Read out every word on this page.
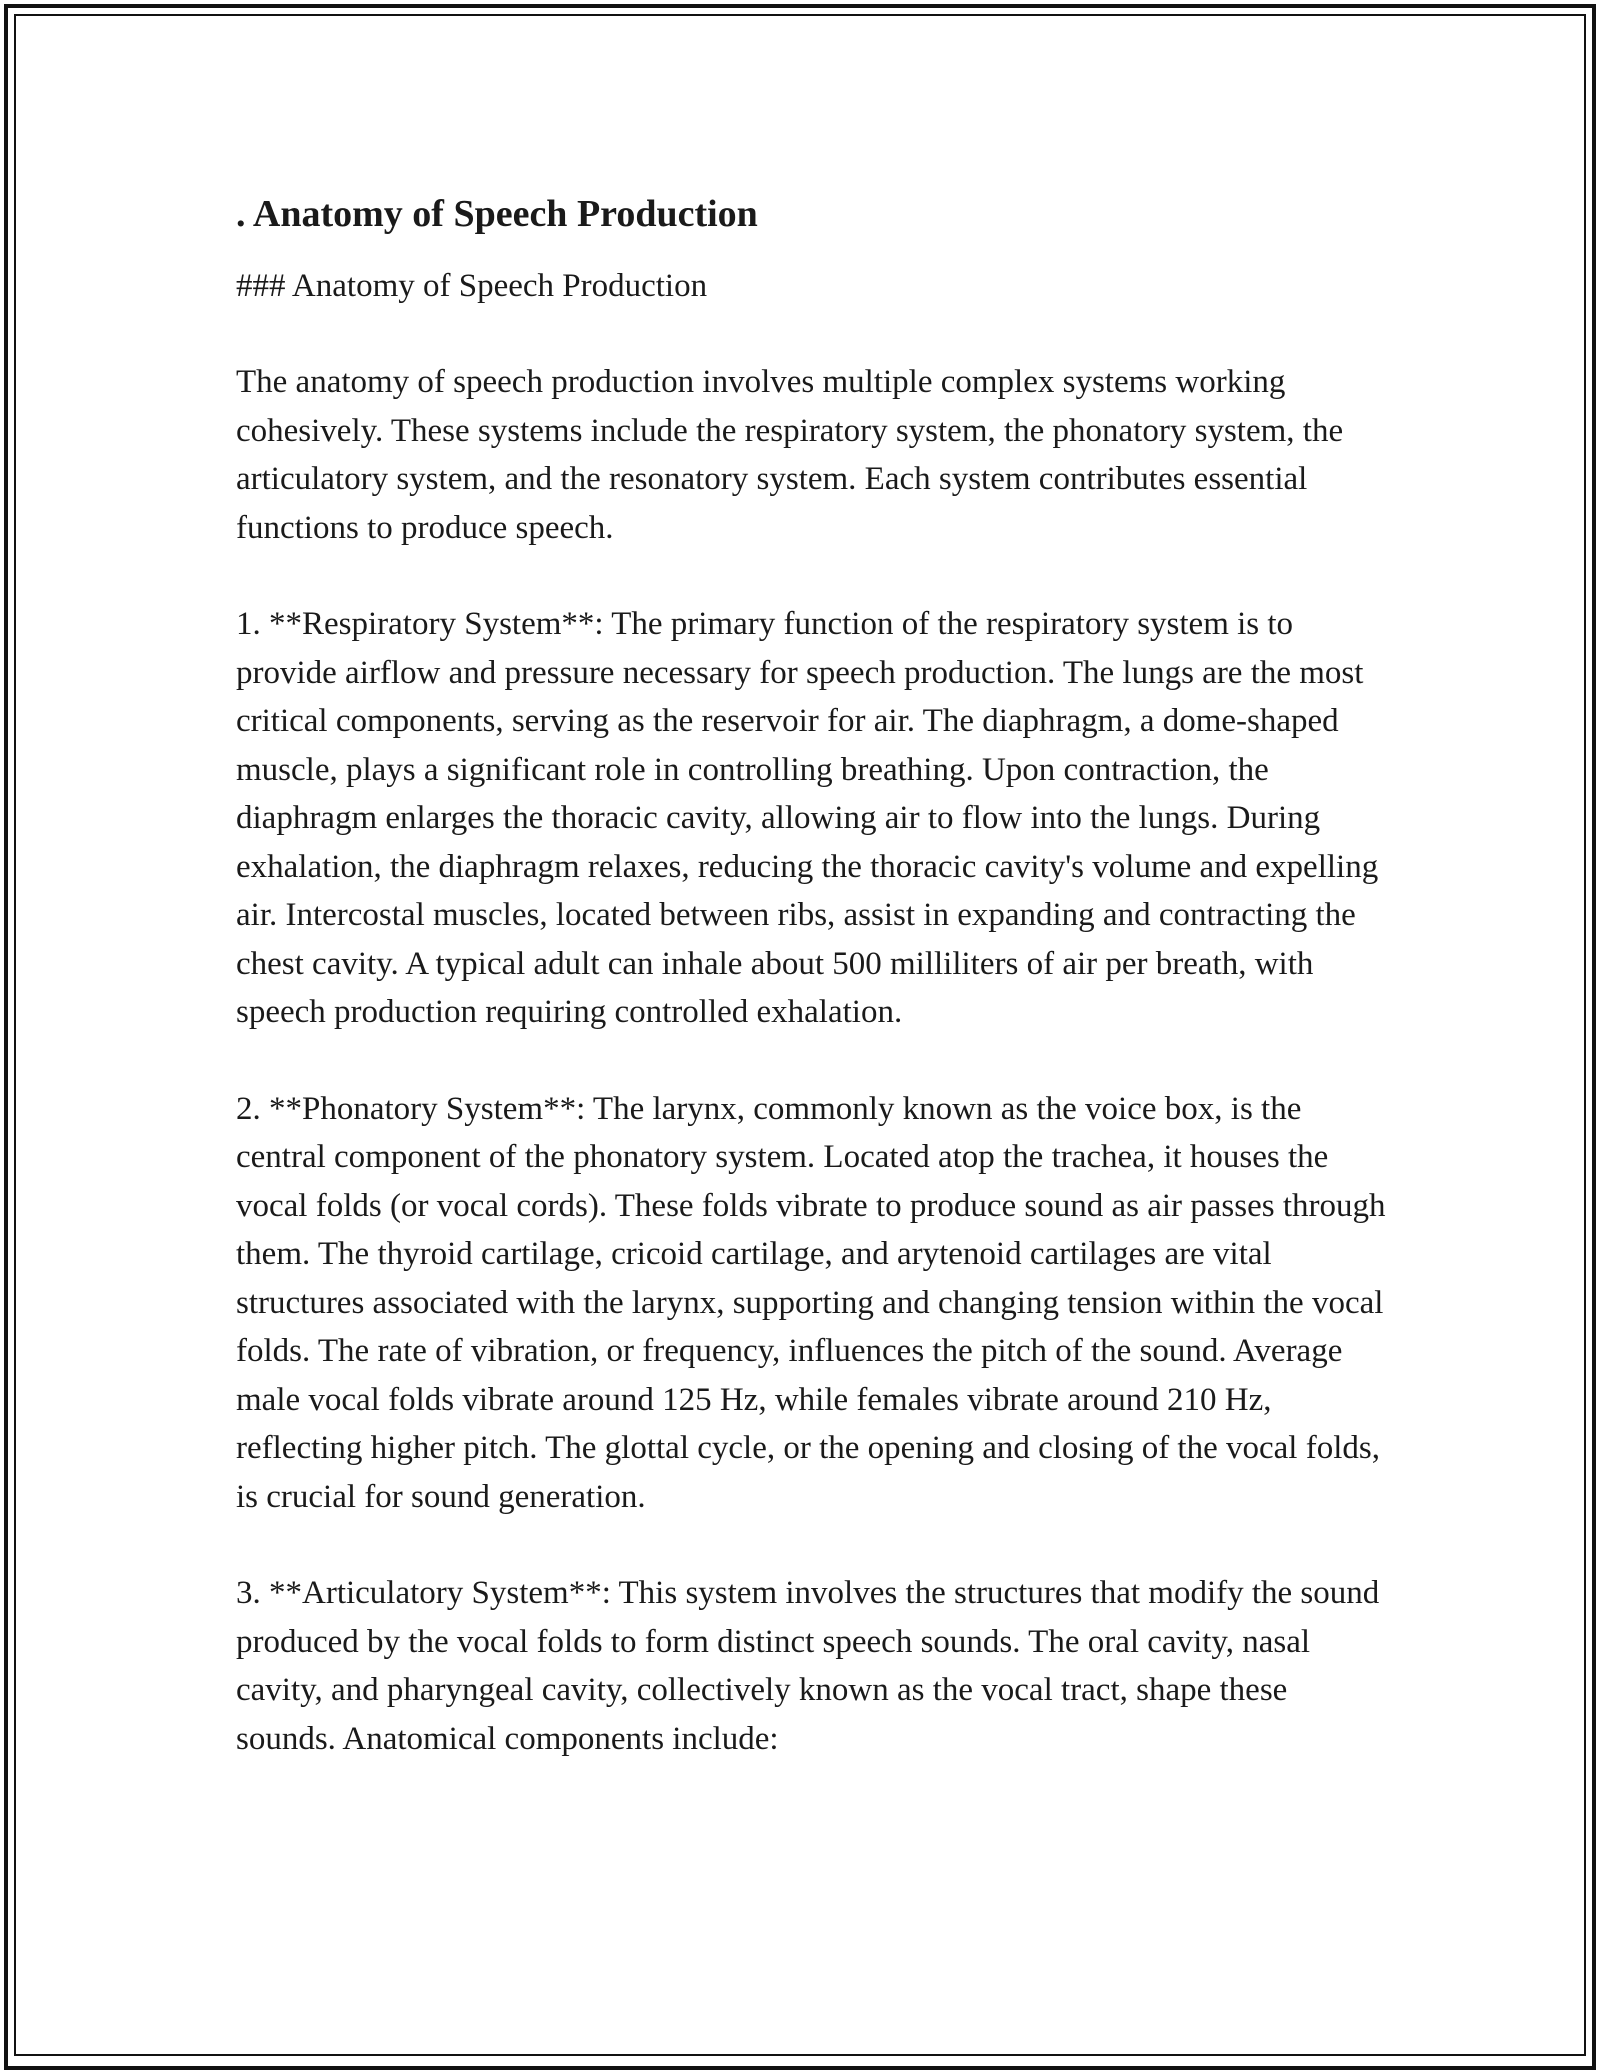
. Anatomy of Speech Production
### Anatomy of Speech Production

The anatomy of speech production involves multiple complex systems working cohesively. These systems include the respiratory system, the phonatory system, the articulatory system, and the resonatory system. Each system contributes essential functions to produce speech.

1. **Respiratory System**: The primary function of the respiratory system is to provide airflow and pressure necessary for speech production. The lungs are the most critical components, serving as the reservoir for air. The diaphragm, a dome-shaped muscle, plays a significant role in controlling breathing. Upon contraction, the diaphragm enlarges the thoracic cavity, allowing air to flow into the lungs. During exhalation, the diaphragm relaxes, reducing the thoracic cavity's volume and expelling air. Intercostal muscles, located between ribs, assist in expanding and contracting the chest cavity. A typical adult can inhale about 500 milliliters of air per breath, with speech production requiring controlled exhalation.

2. **Phonatory System**: The larynx, commonly known as the voice box, is the central component of the phonatory system. Located atop the trachea, it houses the vocal folds (or vocal cords). These folds vibrate to produce sound as air passes through them. The thyroid cartilage, cricoid cartilage, and arytenoid cartilages are vital structures associated with the larynx, supporting and changing tension within the vocal folds. The rate of vibration, or frequency, influences the pitch of the sound. Average male vocal folds vibrate around 125 Hz, while females vibrate around 210 Hz, reflecting higher pitch. The glottal cycle, or the opening and closing of the vocal folds, is crucial for sound generation.

3. **Articulatory System**: This system involves the structures that modify the sound produced by the vocal folds to form distinct speech sounds. The oral cavity, nasal cavity, and pharyngeal cavity, collectively known as the vocal tract, shape these sounds. Anatomical components include:
